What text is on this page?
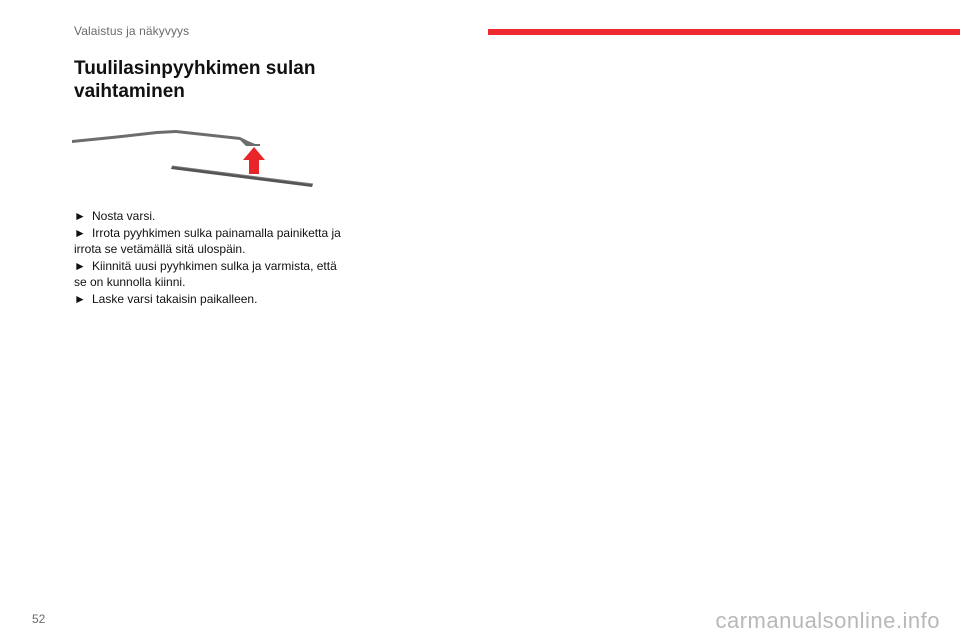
Valaistus ja näkyvyys
Tuulilasinpyyhkimen sulan vaihtaminen
► Nosta varsi.
► Irrota pyyhkimen sulka painamalla painiketta ja irrota se vetämällä sitä ulospäin.
► Kiinnitä uusi pyyhkimen sulka ja varmista, että se on kunnolla kiinni.
► Laske varsi takaisin paikalleen.
52	carmanualsonline.info
